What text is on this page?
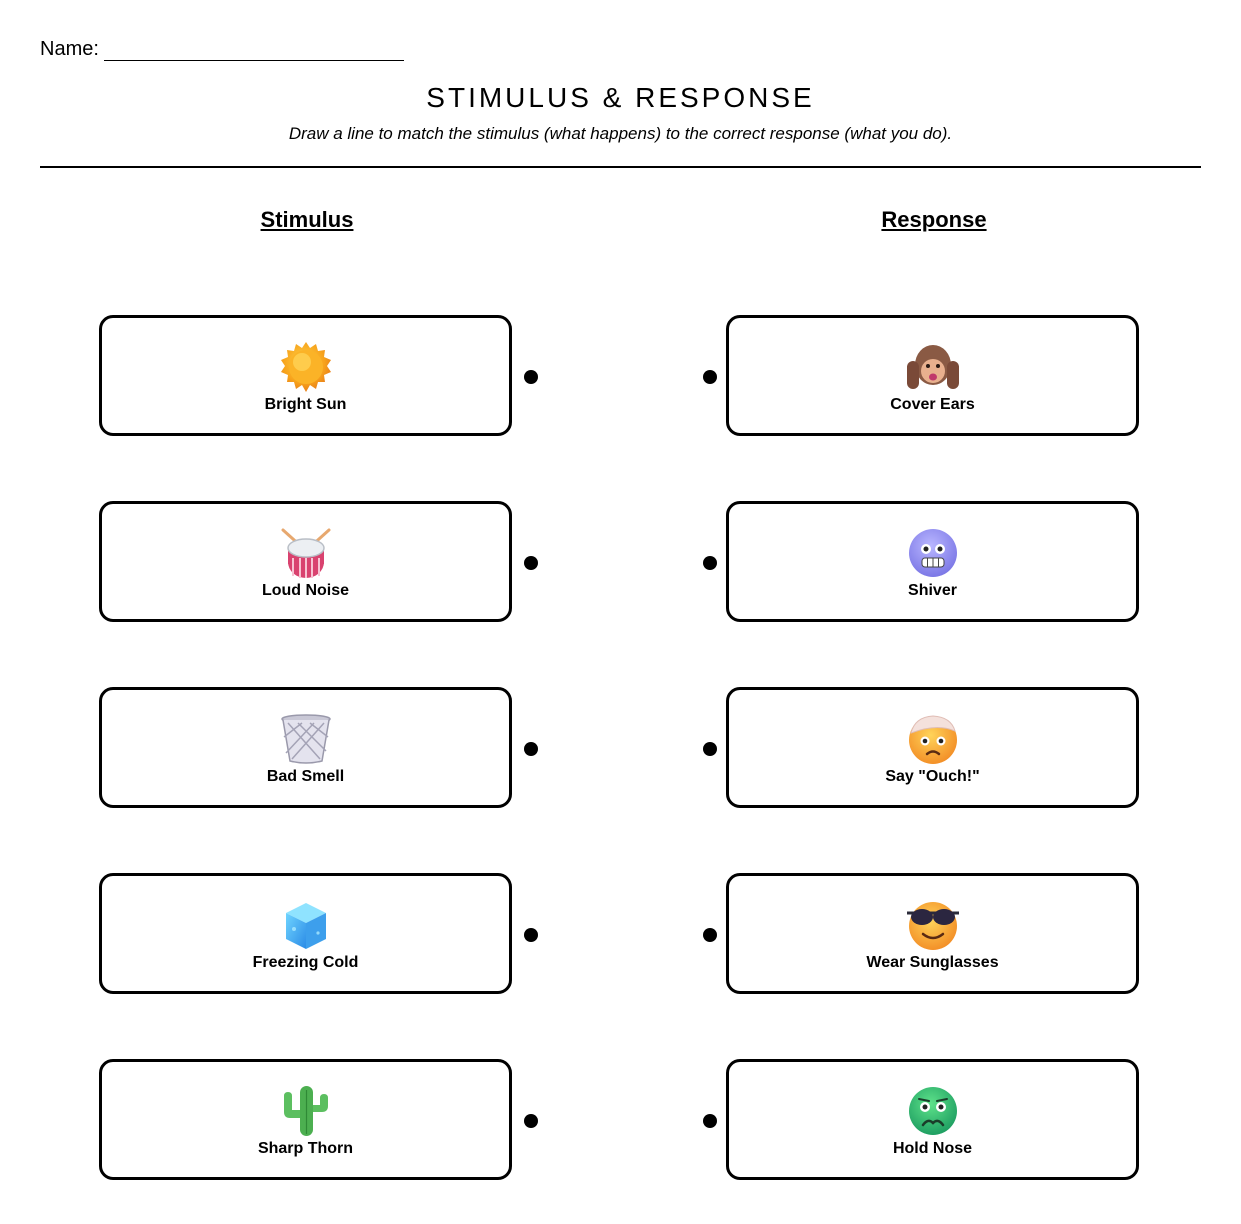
Name:
STIMULUS & RESPONSE
Draw a line to match the stimulus (what happens) to the correct response (what you do).
Stimulus	Response
Bright Sun
Loud Noise
Bad Smell
Freezing Cold
Sharp Thorn
Cover Ears
Shiver
Say "Ouch!"
Wear Sunglasses
Hold Nose
